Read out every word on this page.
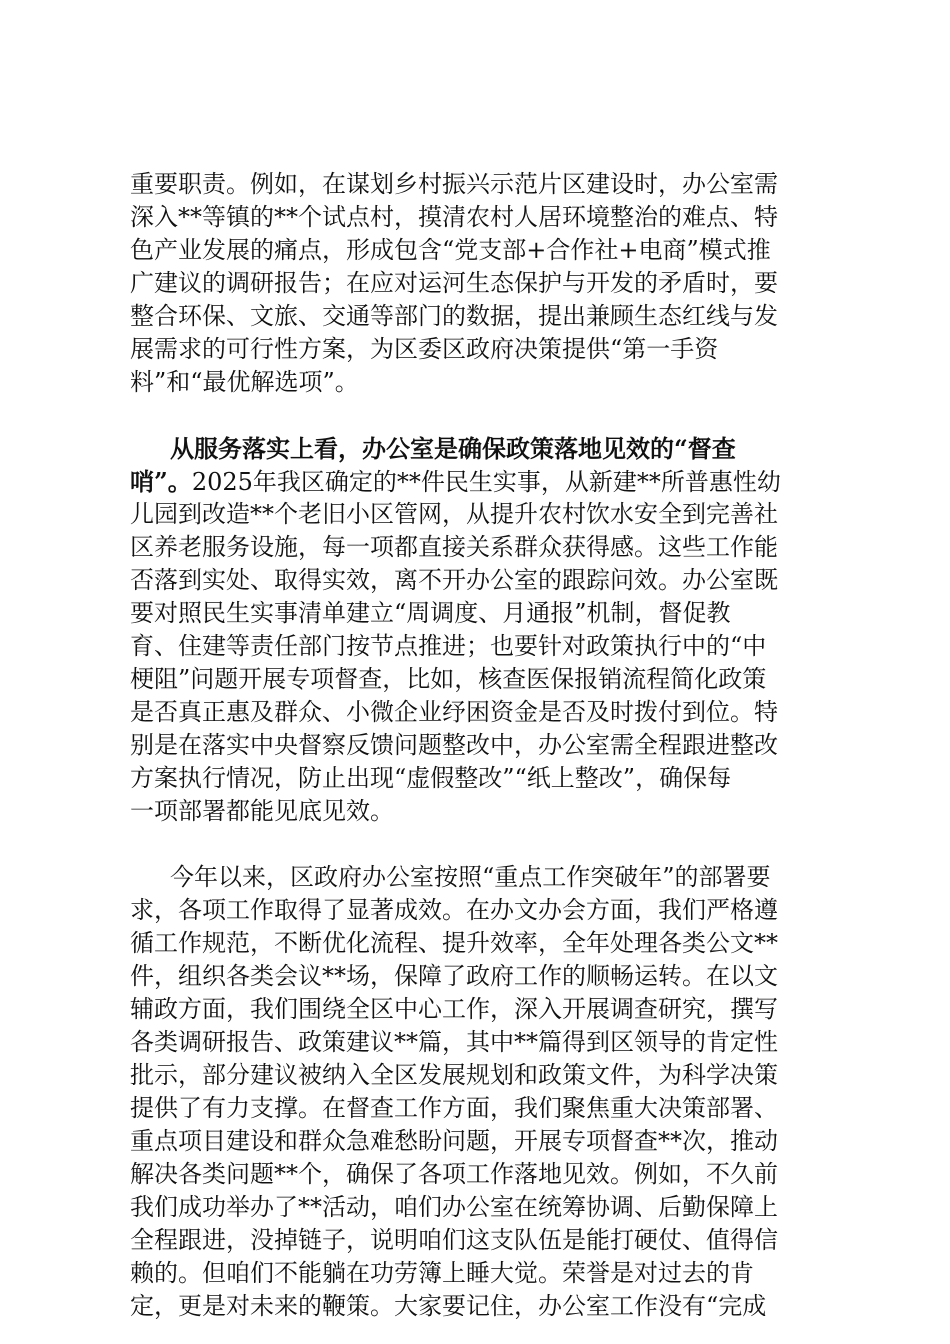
重要职责。例如，在谋划乡村振兴示范片区建设时，办公室需
深入**等镇的**个试点村，摸清农村人居环境整治的难点、特
色产业发展的痛点，形成包含“党支部+合作社+电商”模式推
广建议的调研报告；在应对运河生态保护与开发的矛盾时，要
整合环保、文旅、交通等部门的数据，提出兼顾生态红线与发
展需求的可行性方案，为区委区政府决策提供“第一手资
料”和“最优解选项”。
从服务落实上看，办公室是确保政策落地见效的“督查
哨”。2025年我区确定的**件民生实事，从新建**所普惠性幼
儿园到改造**个老旧小区管网，从提升农村饮水安全到完善社
区养老服务设施，每一项都直接关系群众获得感。这些工作能
否落到实处、取得实效，离不开办公室的跟踪问效。办公室既
要对照民生实事清单建立“周调度、月通报”机制，督促教
育、住建等责任部门按节点推进；也要针对政策执行中的“中
梗阻”问题开展专项督查，比如，核查医保报销流程简化政策
是否真正惠及群众、小微企业纾困资金是否及时拨付到位。特
别是在落实中央督察反馈问题整改中，办公室需全程跟进整改
方案执行情况，防止出现“虚假整改”“纸上整改”，确保每
一项部署都能见底见效。
今年以来，区政府办公室按照“重点工作突破年”的部署要
求，各项工作取得了显著成效。在办文办会方面，我们严格遵
循工作规范，不断优化流程、提升效率，全年处理各类公文**
件，组织各类会议**场，保障了政府工作的顺畅运转。在以文
辅政方面，我们围绕全区中心工作，深入开展调查研究，撰写
各类调研报告、政策建议**篇，其中**篇得到区领导的肯定性
批示，部分建议被纳入全区发展规划和政策文件，为科学决策
提供了有力支撑。在督查工作方面，我们聚焦重大决策部署、
重点项目建设和群众急难愁盼问题，开展专项督查**次，推动
解决各类问题**个，确保了各项工作落地见效。例如，不久前
我们成功举办了**活动，咱们办公室在统筹协调、后勤保障上
全程跟进，没掉链子，说明咱们这支队伍是能打硬仗、值得信
赖的。但咱们不能躺在功劳簿上睡大觉。荣誉是对过去的肯
定，更是对未来的鞭策。大家要记住，办公室工作没有“完成
